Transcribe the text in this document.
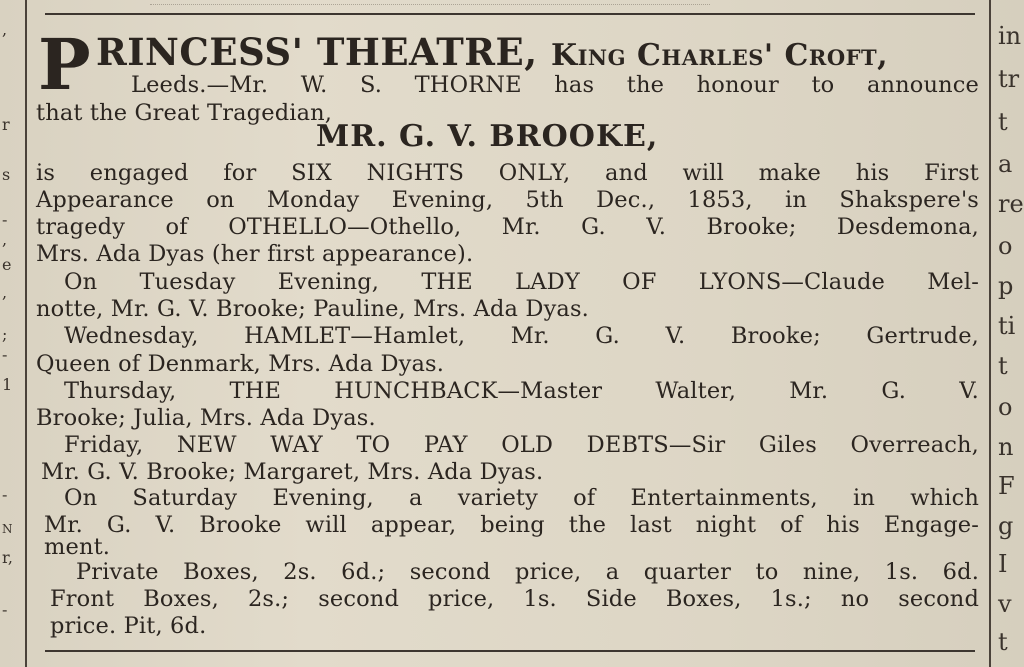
,
r
s
-
,
e
,
;
-
1
-
N
r,
-
in
tr
t
a
re
o
p
ti
t
o
n
F
g
I
v
t
P RINCESS' THEATRE, King Charles' Croft,
Leeds.—Mr. W. S. THORNE has the honour to announce
that the Great Tragedian,
MR. G. V. BROOKE,
is engaged for SIX NIGHTS ONLY, and will make his First
Appearance on Monday Evening, 5th Dec., 1853, in Shakspere's
tragedy of OTHELLO—Othello, Mr. G. V. Brooke; Desdemona,
Mrs. Ada Dyas (her first appearance).
On Tuesday Evening, THE LADY OF LYONS—Claude Mel-
notte, Mr. G. V. Brooke; Pauline, Mrs. Ada Dyas.
Wednesday, HAMLET—Hamlet, Mr. G. V. Brooke; Gertrude,
Queen of Denmark, Mrs. Ada Dyas.
Thursday, THE HUNCHBACK—Master Walter, Mr. G. V.
Brooke; Julia, Mrs. Ada Dyas.
Friday, NEW WAY TO PAY OLD DEBTS—Sir Giles Overreach,
Mr. G. V. Brooke; Margaret, Mrs. Ada Dyas.
On Saturday Evening, a variety of Entertainments, in which
Mr. G. V. Brooke will appear, being the last night of his Engage-
ment.
Private Boxes, 2s. 6d.; second price, a quarter to nine, 1s. 6d.
Front Boxes, 2s.; second price, 1s. Side Boxes, 1s.; no second
price. Pit, 6d.
